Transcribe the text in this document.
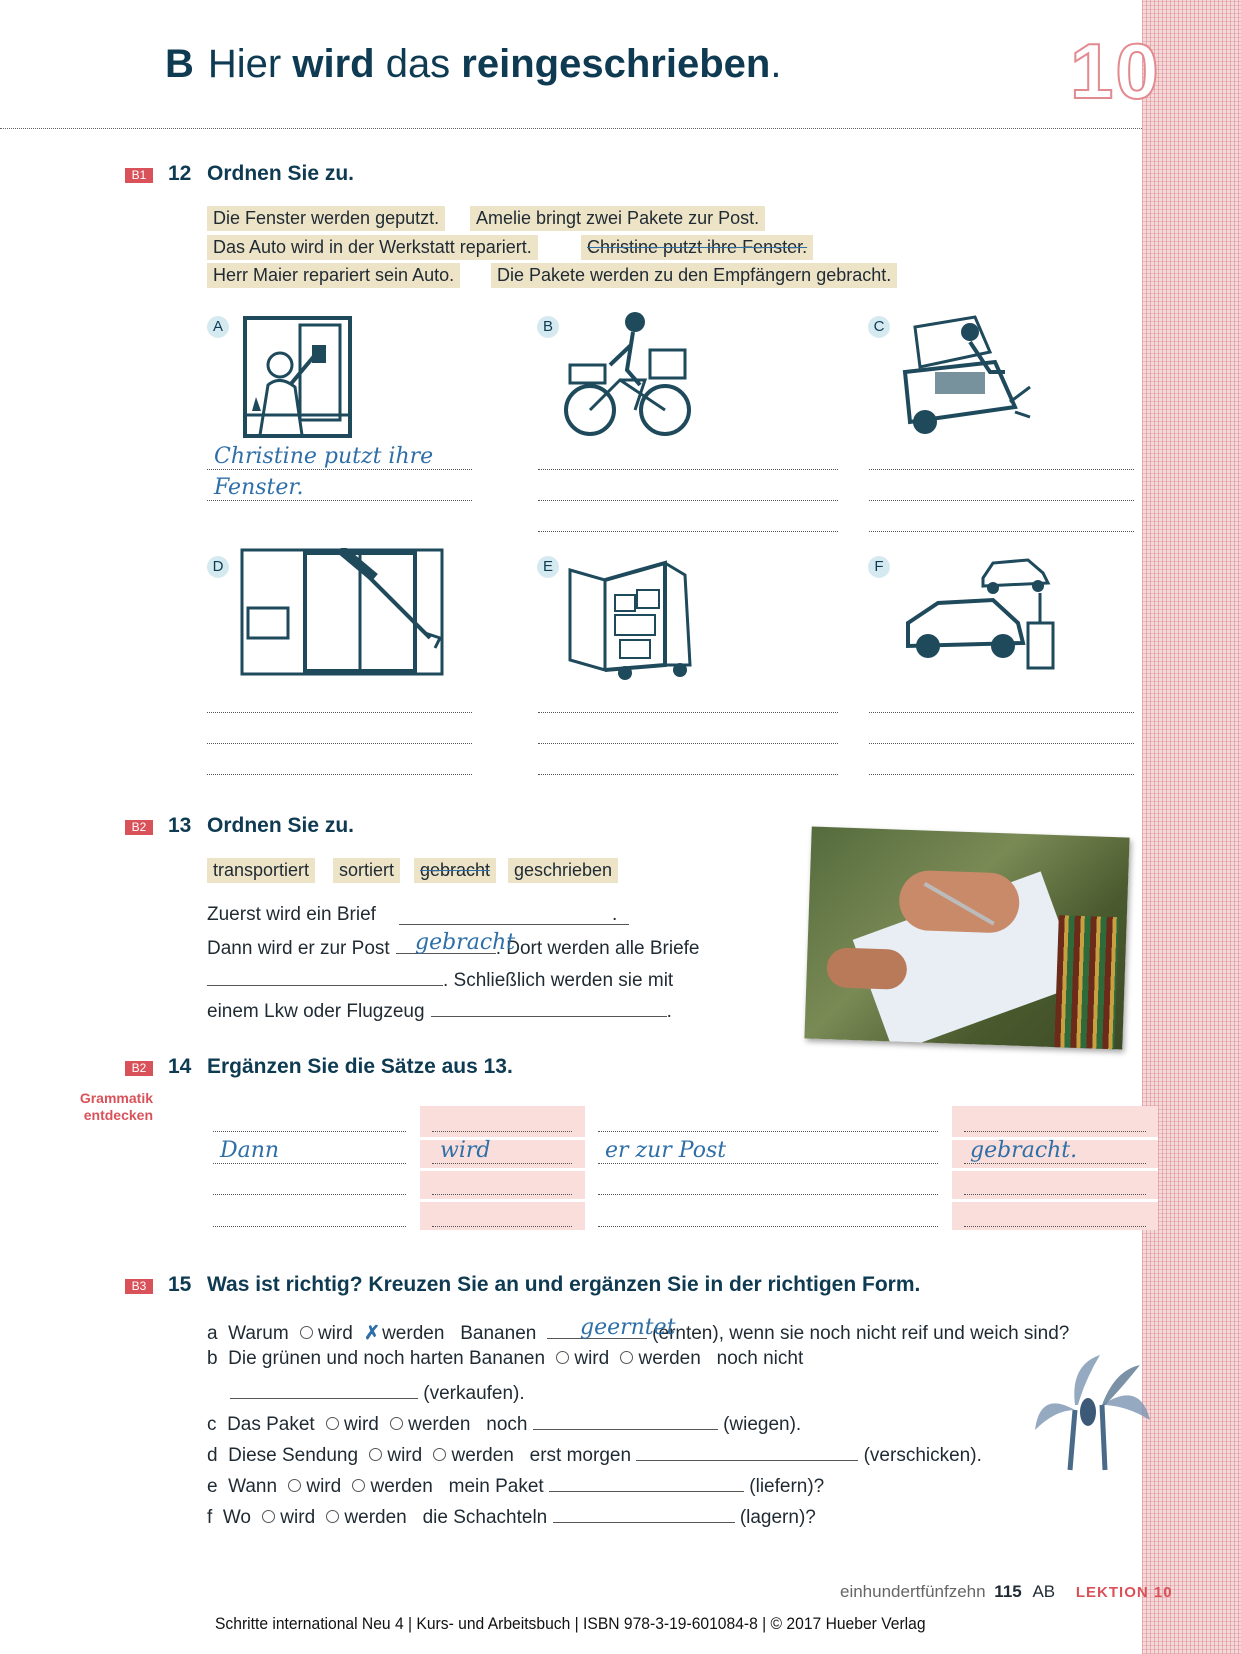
B Hier wird das reingeschrieben.	10
B1	12 Ordnen Sie zu.
Die Fenster werden geputzt.	Amelie bringt zwei Pakete zur Post.
Das Auto wird in der Werkstatt repariert.	Christine putzt ihre Fenster.
Herr Maier repariert sein Auto.	Die Pakete werden zu den Empfängern gebracht.
A	B	C
Christine putzt ihre
Fenster.
D	E	F
B2	13 Ordnen Sie zu.
transportiert	sortiert	gebracht	geschrieben
Zuerst wird ein Brief	.
Dann wird er zur Post	. Dort werden alle Briefe
gebracht
. Schließlich werden sie mit
einem Lkw oder Flugzeug	.
B2	14 Ergänzen Sie die Sätze aus 13.
Grammatik
entdecken
Dann	wird	er zur Post	gebracht.
B3	15 Was ist richtig? Kreuzen Sie an und ergänzen Sie in der richtigen Form.
a Warum wird ✗ werden Bananen	(ernten), wenn sie noch nicht reif und weich sind?
geerntet
b Die grünen und noch harten Bananen wird werden noch nicht
(verkaufen).
c Das Paket wird werden noch	(wiegen).
d Diese Sendung wird werden erst morgen	(verschicken).
e Wann wird werden mein Paket	(liefern)?
f Wo wird werden die Schachteln	(lagern)?
einhundertfünfzehn 115 AB LEKTION 10
Schritte international Neu 4 | Kurs- und Arbeitsbuch | ISBN 978-3-19-601084-8 | © 2017 Hueber Verlag
